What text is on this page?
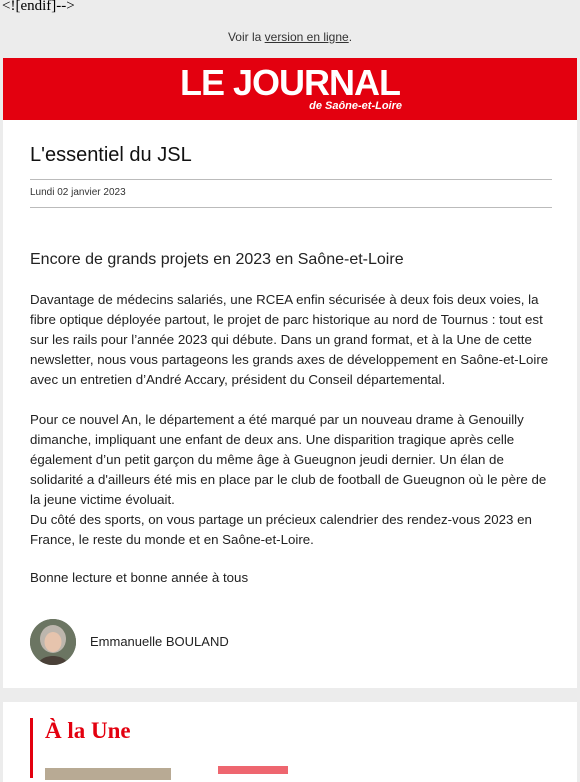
<![endif]-->
Voir la version en ligne.
LE JOURNAL
de Saône-et-Loire
L'essentiel du JSL
Lundi 02 janvier 2023
Encore de grands projets en 2023 en Saône-et-Loire
Davantage de médecins salariés, une RCEA enfin sécurisée à deux fois deux voies, la fibre optique déployée partout, le projet de parc historique au nord de Tournus : tout est sur les rails pour l’année 2023 qui débute. Dans un grand format, et à la Une de cette newsletter, nous vous partageons les grands axes de développement en Saône-et-Loire avec un entretien d’André Accary, président du Conseil départemental.
Pour ce nouvel An, le département a été marqué par un nouveau drame à Genouilly dimanche, impliquant une enfant de deux ans. Une disparition tragique après celle également d’un petit garçon du même âge à Gueugnon jeudi dernier. Un élan de solidarité a d'ailleurs été mis en place par le club de football de Gueugnon où le père de la jeune victime évoluait.
Du côté des sports, on vous partage un précieux calendrier des rendez-vous 2023 en France, le reste du monde et en Saône-et-Loire.
Bonne lecture et bonne année à tous
Emmanuelle BOULAND
À la Une
